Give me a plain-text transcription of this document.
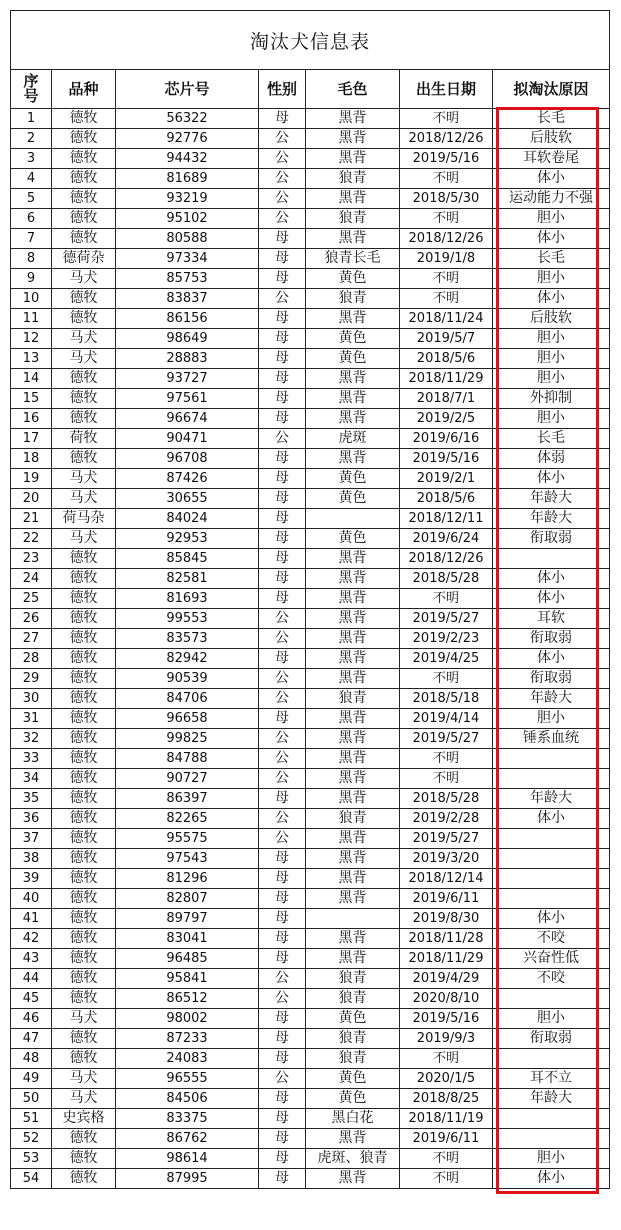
淘汰犬信息表						
序
号	品种	芯片号	性别	毛色	出生日期	拟淘汰原因
1	德牧	56322	母	黑背	不明	长毛
2	德牧	92776	公	黑背	2018/12/26	后肢软
3	德牧	94432	公	黑背	2019/5/16	耳软卷尾
4	德牧	81689	公	狼青	不明	体小
5	德牧	93219	公	黑背	2018/5/30	运动能力不强
6	德牧	95102	公	狼青	不明	胆小
7	德牧	80588	母	黑背	2018/12/26	体小
8	德荷杂	97334	母	狼青长毛	2019/1/8	长毛
9	马犬	85753	母	黄色	不明	胆小
10	德牧	83837	公	狼青	不明	体小
11	德牧	86156	母	黑背	2018/11/24	后肢软
12	马犬	98649	母	黄色	2019/5/7	胆小
13	马犬	28883	母	黄色	2018/5/6	胆小
14	德牧	93727	母	黑背	2018/11/29	胆小
15	德牧	97561	母	黑背	2018/7/1	外抑制
16	德牧	96674	母	黑背	2019/2/5	胆小
17	荷牧	90471	公	虎斑	2019/6/16	长毛
18	德牧	96708	母	黑背	2019/5/16	体弱
19	马犬	87426	母	黄色	2019/2/1	体小
20	马犬	30655	母	黄色	2018/5/6	年龄大
21	荷马杂	84024	母		2018/12/11	年龄大
22	马犬	92953	母	黄色	2019/6/24	衔取弱
23	德牧	85845	母	黑背	2018/12/26	
24	德牧	82581	母	黑背	2018/5/28	体小
25	德牧	81693	母	黑背	不明	体小
26	德牧	99553	公	黑背	2019/5/27	耳软
27	德牧	83573	公	黑背	2019/2/23	衔取弱
28	德牧	82942	母	黑背	2019/4/25	体小
29	德牧	90539	公	黑背	不明	衔取弱
30	德牧	84706	公	狼青	2018/5/18	年龄大
31	德牧	96658	母	黑背	2019/4/14	胆小
32	德牧	99825	公	黑背	2019/5/27	锤系血统
33	德牧	84788	公	黑背	不明	
34	德牧	90727	公	黑背	不明	
35	德牧	86397	母	黑背	2018/5/28	年龄大
36	德牧	82265	公	狼青	2019/2/28	体小
37	德牧	95575	公	黑背	2019/5/27	
38	德牧	97543	母	黑背	2019/3/20	
39	德牧	81296	母	黑背	2018/12/14	
40	德牧	82807	母	黑背	2019/6/11	
41	德牧	89797	母		2019/8/30	体小
42	德牧	83041	母	黑背	2018/11/28	不咬
43	德牧	96485	母	黑背	2018/11/29	兴奋性低
44	德牧	95841	公	狼青	2019/4/29	不咬
45	德牧	86512	公	狼青	2020/8/10	
46	马犬	98002	母	黄色	2019/5/16	胆小
47	德牧	87233	母	狼青	2019/9/3	衔取弱
48	德牧	24083	母	狼青	不明	
49	马犬	96555	公	黄色	2020/1/5	耳不立
50	马犬	84506	母	黄色	2018/8/25	年龄大
51	史宾格	83375	母	黑白花	2018/11/19	
52	德牧	86762	母	黑背	2019/6/11	
53	德牧	98614	母	虎斑、狼青	不明	胆小
54	德牧	87995	母	黑背	不明	体小
